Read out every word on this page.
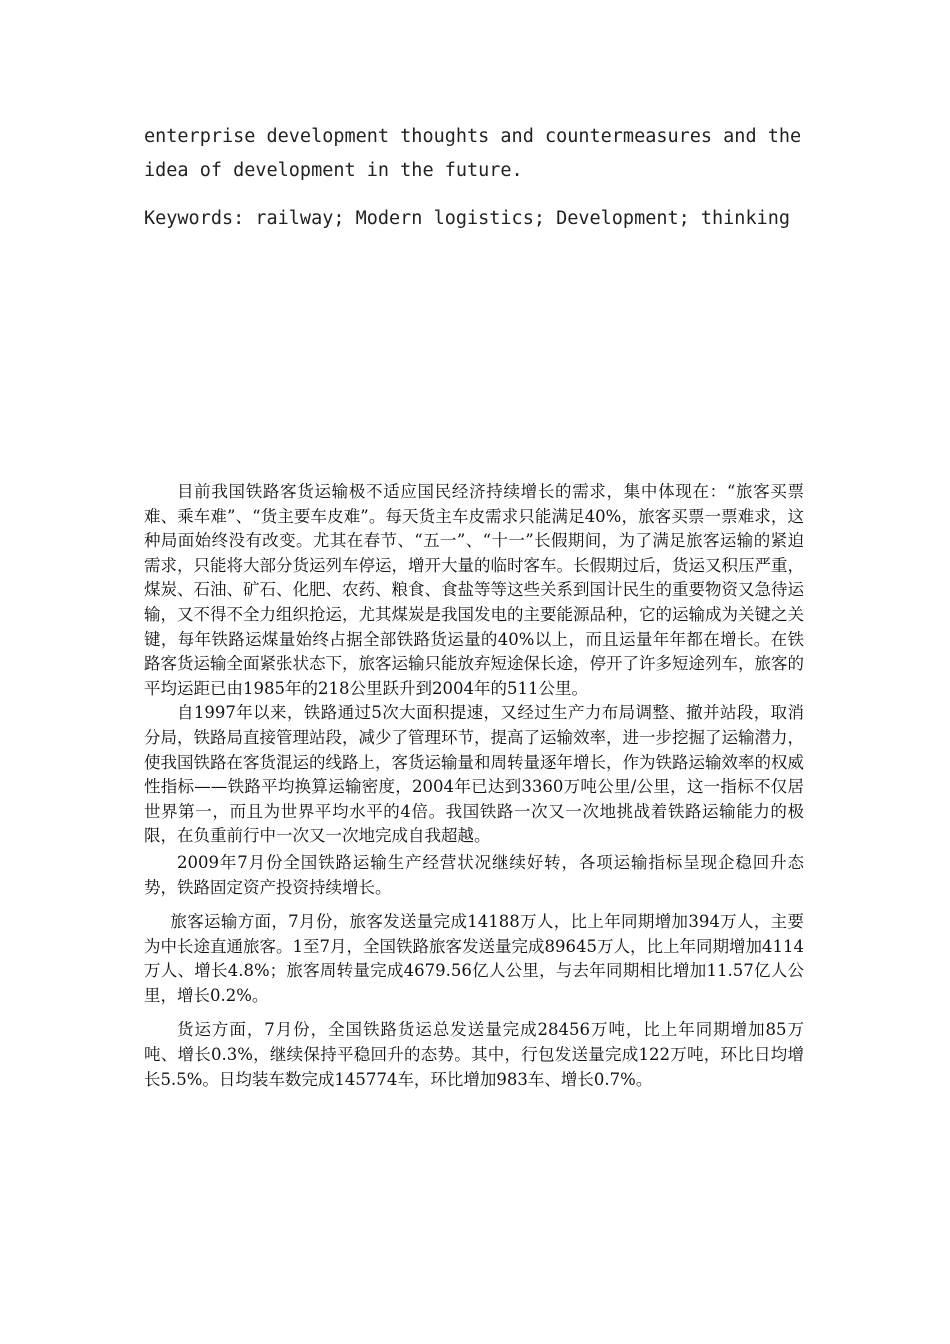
enterprise development thoughts and countermeasures and the idea of development in the future.

Keywords: railway; Modern logistics; Development; thinking

目前我国铁路客货运输极不适应国民经济持续增长的需求，集中体现在：“旅客买票难、乘车难”、“货主要车皮难”。每天货主车皮需求只能满足40%，旅客买票一票难求，这种局面始终没有改变。尤其在春节、“五一”、“十一”长假期间，为了满足旅客运输的紧迫需求，只能将大部分货运列车停运，增开大量的临时客车。长假期过后，货运又积压严重，煤炭、石油、矿石、化肥、农药、粮食、食盐等等这些关系到国计民生的重要物资又急待运输，又不得不全力组织抢运，尤其煤炭是我国发电的主要能源品种，它的运输成为关键之关键，每年铁路运煤量始终占据全部铁路货运量的40%以上，而且运量年年都在增长。在铁路客货运输全面紧张状态下，旅客运输只能放弃短途保长途，停开了许多短途列车，旅客的平均运距已由1985年的218公里跃升到2004年的511公里。

自1997年以来，铁路通过5次大面积提速，又经过生产力布局调整、撤并站段，取消分局，铁路局直接管理站段，减少了管理环节，提高了运输效率，进一步挖掘了运输潜力，使我国铁路在客货混运的线路上，客货运输量和周转量逐年增长，作为铁路运输效率的权威性指标——铁路平均换算运输密度，2004年已达到3360万吨公里/公里，这一指标不仅居世界第一，而且为世界平均水平的4倍。我国铁路一次又一次地挑战着铁路运输能力的极限，在负重前行中一次又一次地完成自我超越。

2009年7月份全国铁路运输生产经营状况继续好转，各项运输指标呈现企稳回升态势，铁路固定资产投资持续增长。

旅客运输方面，7月份，旅客发送量完成14188万人，比上年同期增加394万人，主要为中长途直通旅客。1至7月，全国铁路旅客发送量完成89645万人，比上年同期增加4114万人、增长4.8%；旅客周转量完成4679.56亿人公里，与去年同期相比增加11.57亿人公里，增长0.2%。

货运方面，7月份，全国铁路货运总发送量完成28456万吨，比上年同期增加85万吨、增长0.3%，继续保持平稳回升的态势。其中，行包发送量完成122万吨，环比日均增长5.5%。日均装车数完成145774车，环比增加983车、增长0.7%。
